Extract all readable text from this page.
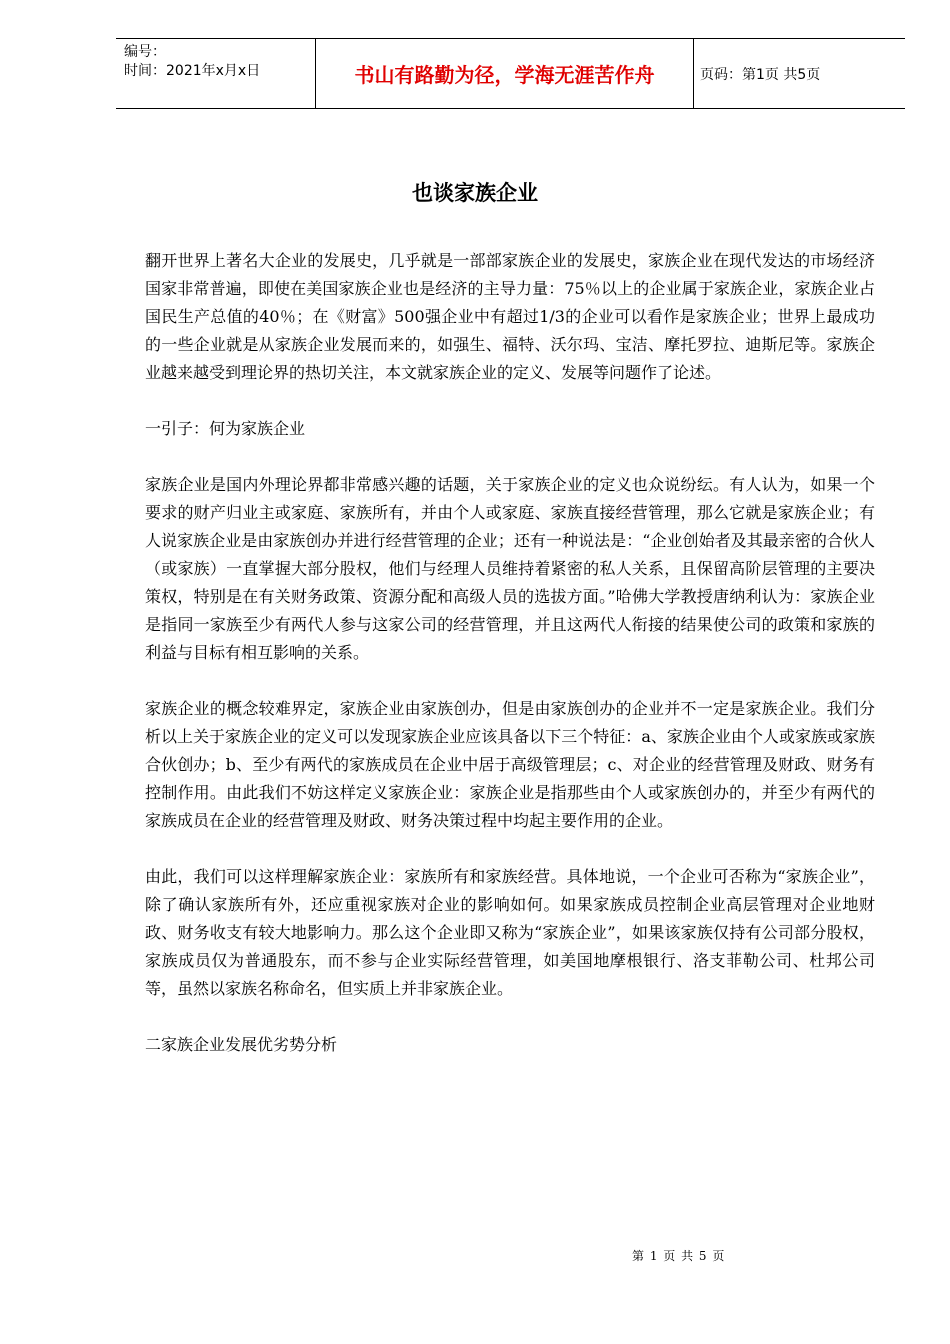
编号：
时间：2021年x月x日	书山有路勤为径，学海无涯苦作舟	页码：第1页 共5页
也谈家族企业

翻开世界上著名大企业的发展史，几乎就是一部部家族企业的发展史，家族企业在现代发达的市场经济国家非常普遍，即使在美国家族企业也是经济的主导力量：75％以上的企业属于家族企业，家族企业占国民生产总值的40％；在《财富》500强企业中有超过1/3的企业可以看作是家族企业；世界上最成功的一些企业就是从家族企业发展而来的，如强生、福特、沃尔玛、宝洁、摩托罗拉、迪斯尼等。家族企业越来越受到理论界的热切关注，本文就家族企业的定义、发展等问题作了论述。

一引子：何为家族企业

家族企业是国内外理论界都非常感兴趣的话题，关于家族企业的定义也众说纷纭。有人认为，如果一个要求的财产归业主或家庭、家族所有，并由个人或家庭、家族直接经营管理，那么它就是家族企业；有人说家族企业是由家族创办并进行经营管理的企业；还有一种说法是：“企业创始者及其最亲密的合伙人（或家族）一直掌握大部分股权，他们与经理人员维持着紧密的私人关系，且保留高阶层管理的主要决策权，特别是在有关财务政策、资源分配和高级人员的选拔方面。”哈佛大学教授唐纳利认为：家族企业是指同一家族至少有两代人参与这家公司的经营管理，并且这两代人衔接的结果使公司的政策和家族的利益与目标有相互影响的关系。

家族企业的概念较难界定，家族企业由家族创办，但是由家族创办的企业并不一定是家族企业。我们分析以上关于家族企业的定义可以发现家族企业应该具备以下三个特征：a、家族企业由个人或家族或家族合伙创办；b、至少有两代的家族成员在企业中居于高级管理层；c、对企业的经营管理及财政、财务有控制作用。由此我们不妨这样定义家族企业：家族企业是指那些由个人或家族创办的，并至少有两代的家族成员在企业的经营管理及财政、财务决策过程中均起主要作用的企业。

由此，我们可以这样理解家族企业：家族所有和家族经营。具体地说，一个企业可否称为“家族企业”，除了确认家族所有外，还应重视家族对企业的影响如何。如果家族成员控制企业高层管理对企业地财政、财务收支有较大地影响力。那么这个企业即又称为“家族企业”，如果该家族仅持有公司部分股权，家族成员仅为普通股东，而不参与企业实际经营管理，如美国地摩根银行、洛支菲勒公司、杜邦公司等，虽然以家族名称命名，但实质上并非家族企业。

二家族企业发展优劣势分析

第 1 页 共 5 页
